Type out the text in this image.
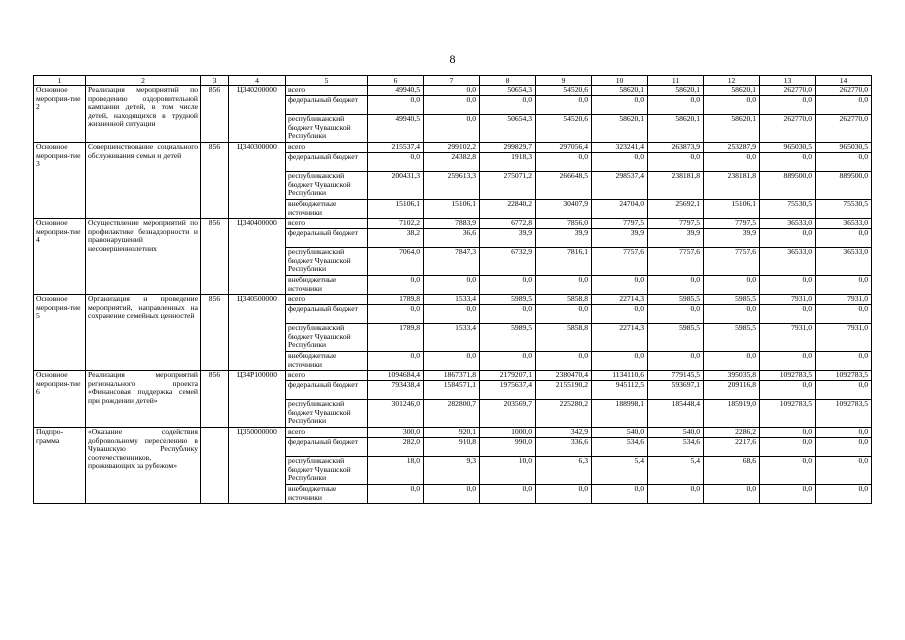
8
1	2	3	4	5	6	7	8	9	10	11	12	13	14
Основное мероприя-тие 2	Реализация мероприятий по проведению оздоровительной кампании детей, в том числе детей, находящихся в трудной жизненной ситуации	856	Ц340200000	всего	49940,5	0,0	50654,3	54520,6	58620,1	58620,1	58620,1	262770,0	262770,0
				федеральный бюджет	0,0	0,0	0,0	0,0	0,0	0,0	0,0	0,0	0,0
				республиканский бюджет Чувашской Республики	49940,5	0,0	50654,3	54520,6	58620,1	58620,1	58620,1	262770,0	262770,0
Основное мероприя-тие 3	Совершенствование социального обслуживания семьи и детей	856	Ц340300000	всего	215537,4	299102,2	299829,7	297056,4	323241,4	263873,9	253287,9	965030,5	965030,5
				федеральный бюджет	0,0	24382,8	1918,3	0,0	0,0	0,0	0,0	0,0	0,0
				республиканский бюджет Чувашской Республики	200431,3	259613,3	275071,2	266648,5	298537,4	238181,8	238181,8	889500,0	889500,0
				внебюджетные источники	15106,1	15106,1	22840,2	30407,9	24704,0	25692,1	15106,1	75530,5	75530,5
Основное мероприя-тие 4	Осуществление мероприятий по профилактике безнадзорности и правонарушений несовершеннолетних	856	Ц340400000	всего	7102,2	7883,9	6772,8	7856,0	7797,5	7797,5	7797,5	36533,0	36533,0
				федеральный бюджет	38,2	36,6	39,9	39,9	39,9	39,9	39,9	0,0	0,0
				республиканский бюджет Чувашской Республики	7064,0	7847,3	6732,9	7816,1	7757,6	7757,6	7757,6	36533,0	36533,0
				внебюджетные источники	0,0	0,0	0,0	0,0	0,0	0,0	0,0	0,0	0,0
Основное мероприя-тие 5	Организация и проведение мероприятий, направленных на сохранение семейных ценностей	856	Ц340500000	всего	1789,8	1533,4	5989,5	5858,8	22714,3	5985,5	5985,5	7931,0	7931,0
				федеральный бюджет	0,0	0,0	0,0	0,0	0,0	0,0	0,0	0,0	0,0
				республиканский бюджет Чувашской Республики	1789,8	1533,4	5989,5	5858,8	22714,3	5985,5	5985,5	7931,0	7931,0
				внебюджетные источники	0,0	0,0	0,0	0,0	0,0	0,0	0,0	0,0	0,0
Основное мероприя-тие 6	Реализация мероприятий регионального проекта «Финансовая поддержка семей при рождении детей»	856	Ц34Р100000	всего	1094684,4	1867371,8	2179207,1	2380470,4	1134110,6	779145,5	395035,8	1092783,5	1092783,5
				федеральный бюджет	793438,4	1584571,1	1975637,4	2155190,2	945112,5	593697,1	209116,8	0,0	0,0
				республиканский бюджет Чувашской Республики	301246,0	282800,7	203569,7	225280,2	188998,1	185448,4	185919,0	1092783,5	1092783,5
Подпро-грамма	«Оказание содействия добровольному переселению в Чувашскую Республику соотечественников, проживающих за рубежом»		Ц350000000	всего	300,0	920,1	1000,0	342,9	540,0	540,0	2286,2	0,0	0,0
				федеральный бюджет	282,0	910,8	990,0	336,6	534,6	534,6	2217,6	0,0	0,0
				республиканский бюджет Чувашской Республики	18,0	9,3	10,0	6,3	5,4	5,4	68,6	0,0	0,0
				внебюджетные источники	0,0	0,0	0,0	0,0	0,0	0,0	0,0	0,0	0,0
